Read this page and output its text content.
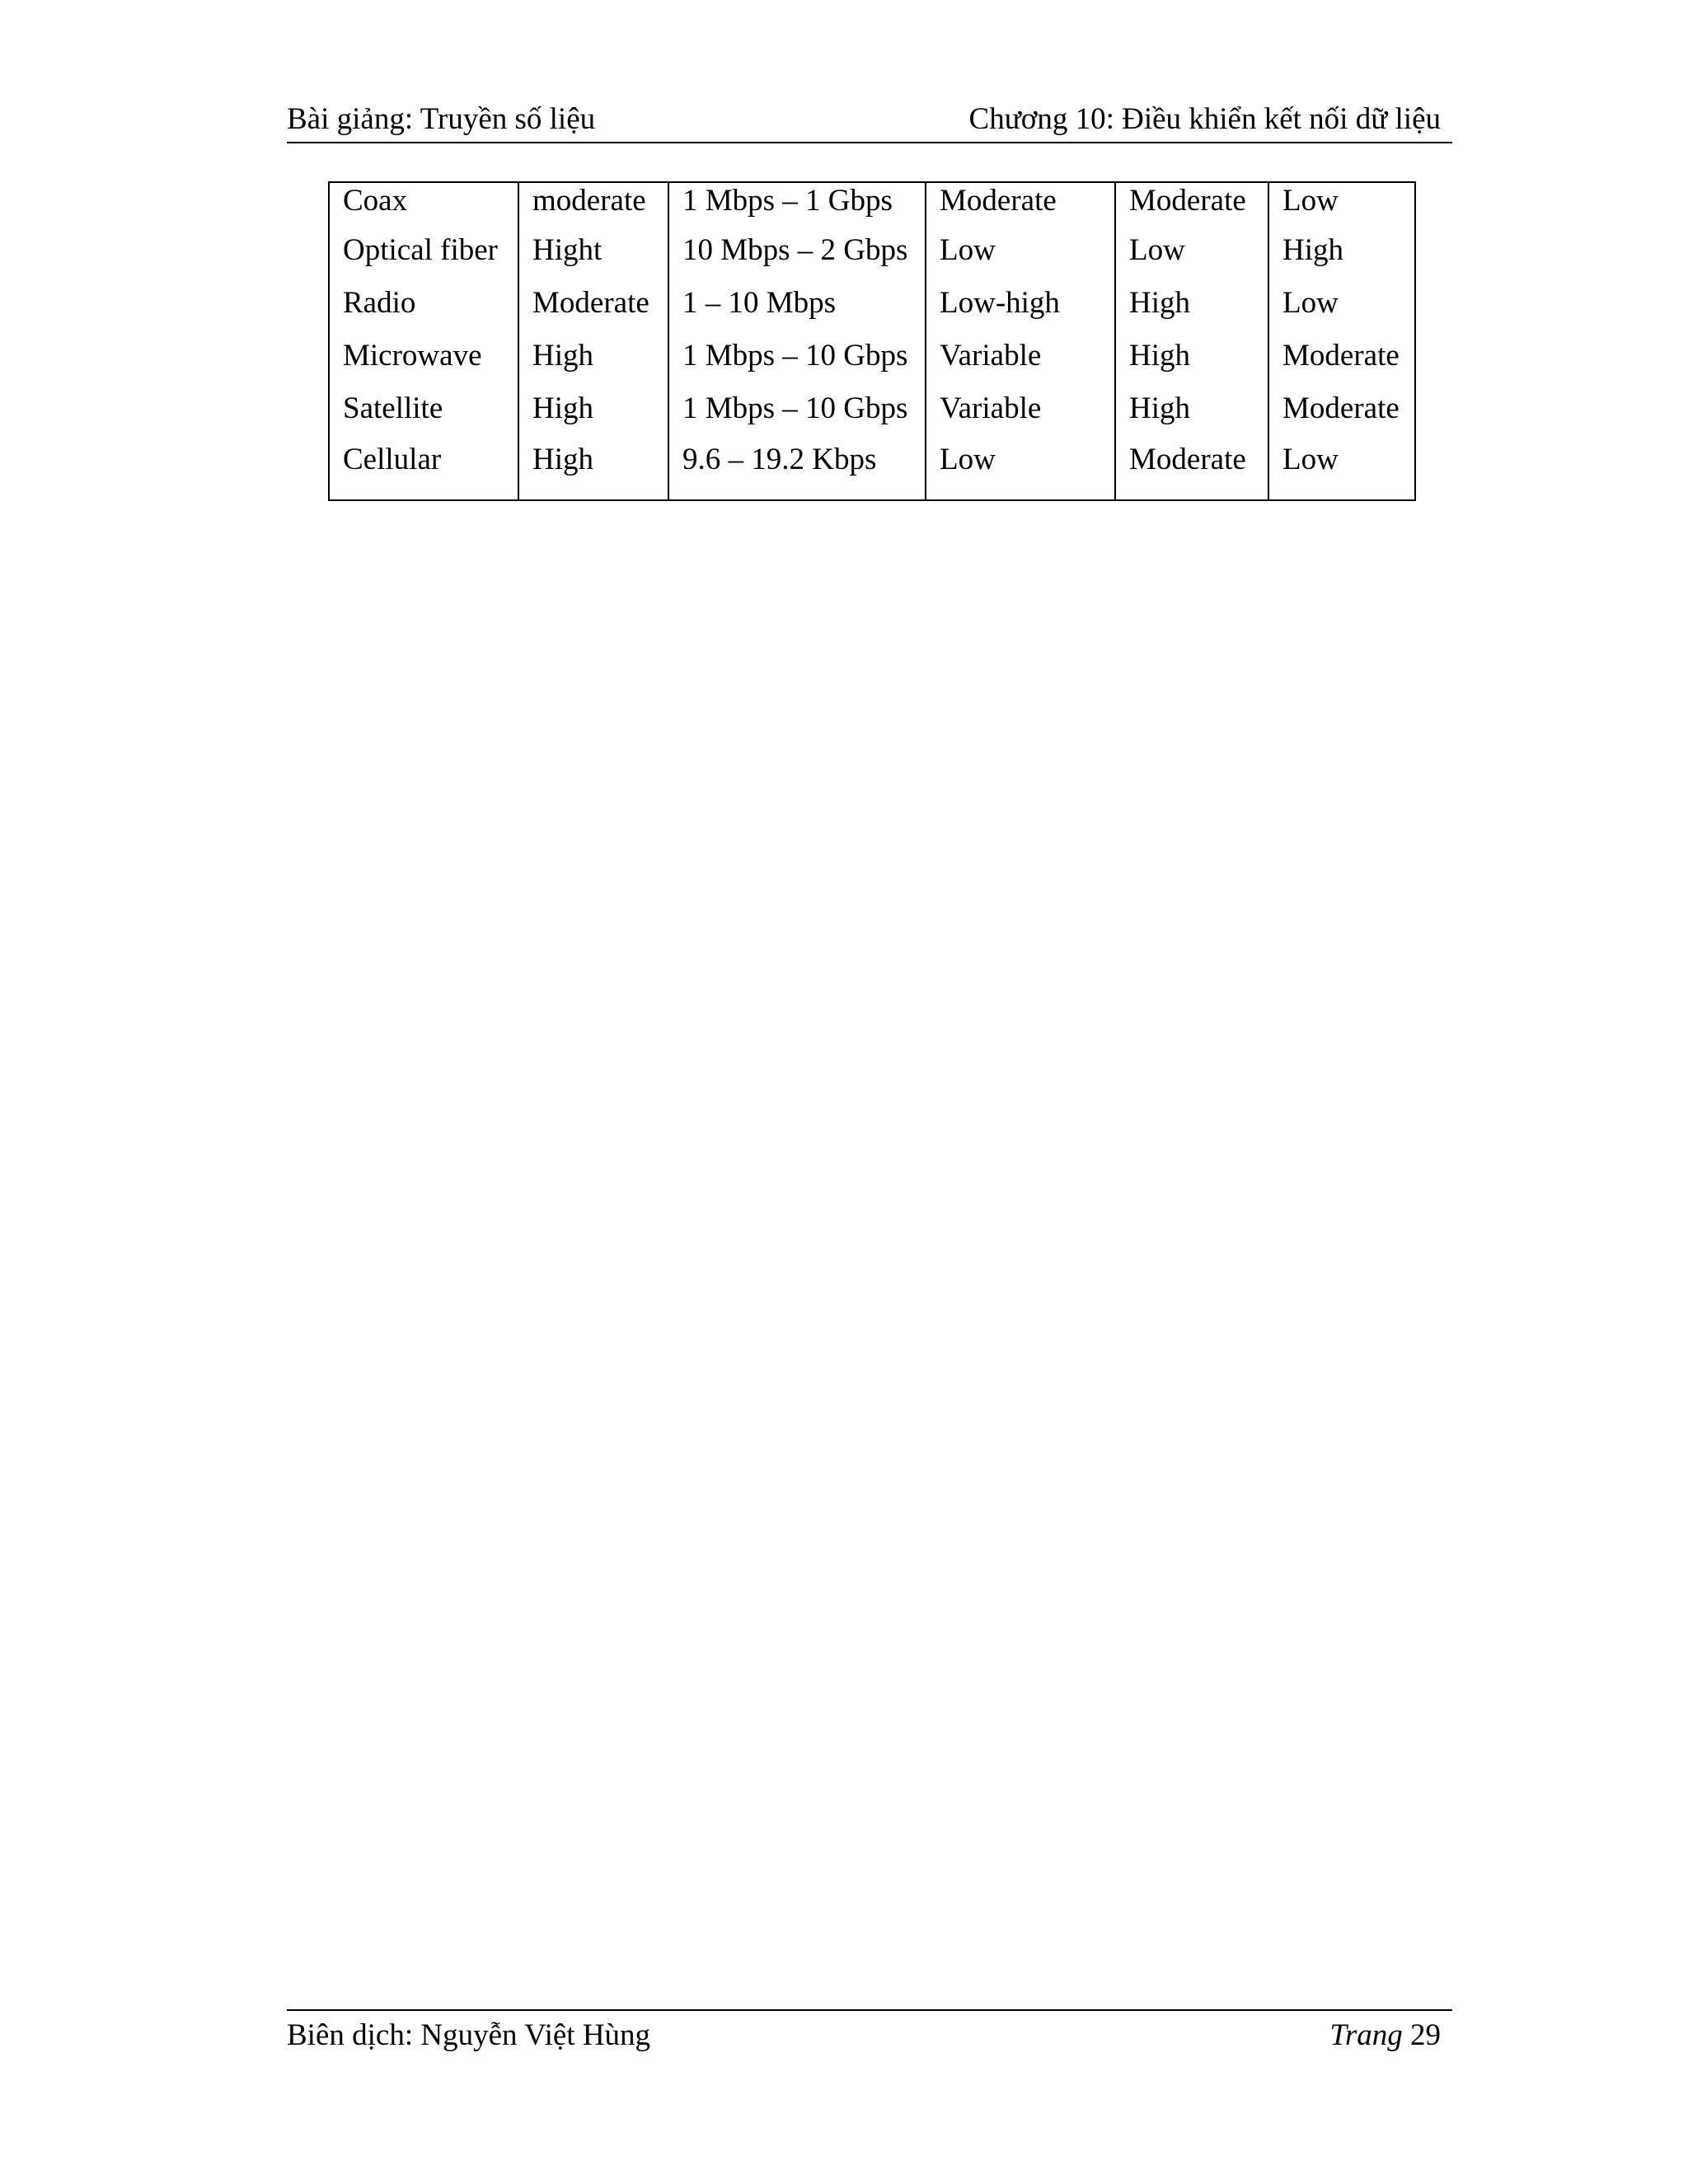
Bài giảng: Truyền số liệu	Chương 10: Điều khiển kết nối dữ liệu
Coax	moderate	1 Mbps – 1 Gbps	Moderate	Moderate	Low
Optical fiber	Hight	10 Mbps – 2 Gbps	Low	Low	High
Radio	Moderate	1 – 10 Mbps	Low-high	High	Low
Microwave	High	1 Mbps – 10 Gbps	Variable	High	Moderate
Satellite	High	1 Mbps – 10 Gbps	Variable	High	Moderate
Cellular	High	9.6 – 19.2 Kbps	Low	Moderate	Low
Biên dịch: Nguyễn Việt Hùng	Trang 29
